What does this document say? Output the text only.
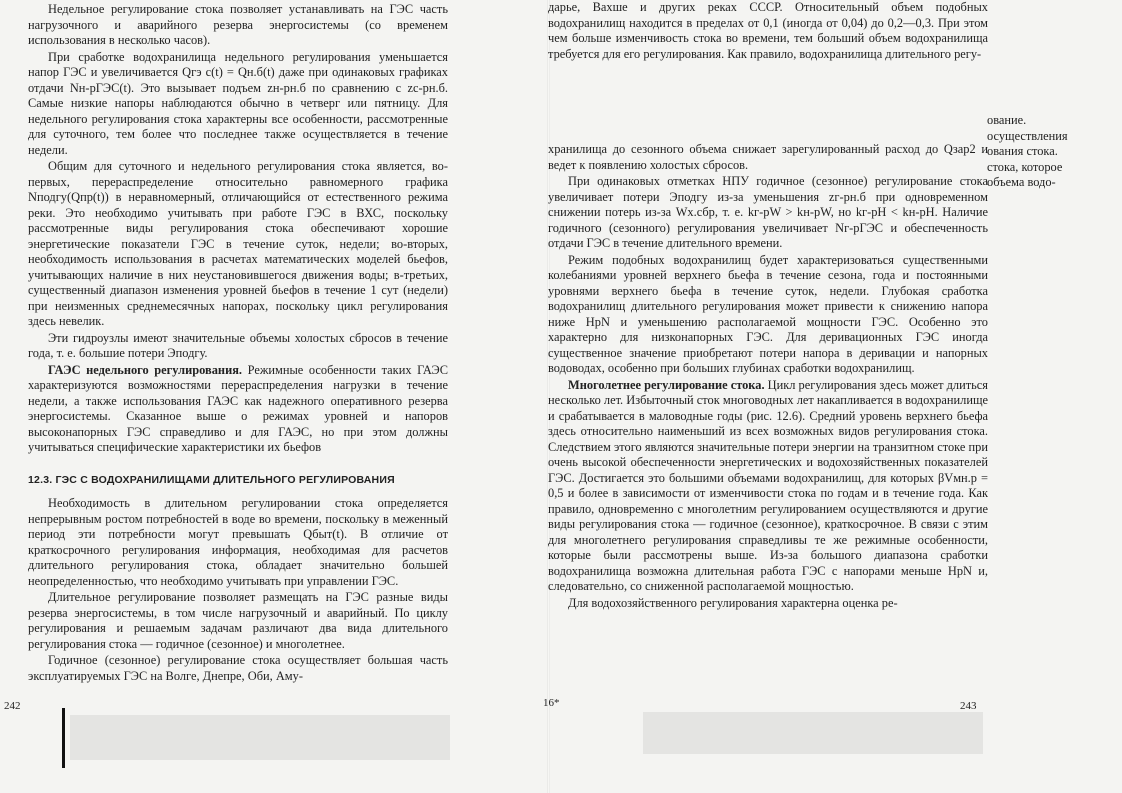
Недельное регулирование стока позволяет устанавливать на ГЭС часть нагрузочного и аварийного резерва энергосистемы (со временем использования в несколько часов).

При сработке водохранилища недельного регулирования уменьшается напор ГЭС и увеличивается Qгэ с(t) = Qн.б(t) даже при одинаковых графиках отдачи Nн-рГЭС(t). Это вызывает подъем zн-рн.б по сравнению с zс-рн.б. Самые низкие напоры наблюдаются обычно в четверг или пятницу. Для недельного регулирования стока характерны все особенности, рассмотренные для суточного, тем более что последнее также осуществляется в течение недели.

Общим для суточного и недельного регулирования стока является, во-первых, перераспределение относительно равномерного графика Nподгу(Qпр(t)) в неравномерный, отличающийся от естественного режима реки. Это необходимо учитывать при работе ГЭС в ВХС, поскольку рассмотренные виды регулирования стока обеспечивают хорошие энергетические показатели ГЭС в течение суток, недели; во-вторых, необходимость использования в расчетах математических моделей бьефов, учитывающих наличие в них неустановившегося движения воды; в-третьих, существенный диапазон изменения уровней бьефов в течение 1 сут (недели) при неизменных среднемесячных напорах, поскольку цикл регулирования здесь невелик.

Эти гидроузлы имеют значительные объемы холостых сбросов в течение года, т. е. большие потери Эподгу.

ГАЭС недельного регулирования. Режимные особенности таких ГАЭС характеризуются возможностями перераспределения нагрузки в течение недели, а также использования ГАЭС как надежного оперативного резерва энергосистемы. Сказанное выше о режимах уровней и напоров высоконапорных ГЭС справедливо и для ГАЭС, но при этом должны учитываться специфические характеристики их бьефов

12.3. ГЭС С ВОДОХРАНИЛИЩАМИ ДЛИТЕЛЬНОГО РЕГУЛИРОВАНИЯ

Необходимость в длительном регулировании стока определяется непрерывным ростом потребностей в воде во времени, поскольку в меженный период эти потребности могут превышать Qбыт(t). В отличие от краткосрочного регулирования информация, необходимая для расчетов длительного регулирования стока, обладает значительно большей неопределенностью, что необходимо учитывать при управлении ГЭС.

Длительное регулирование позволяет размещать на ГЭС разные виды резерва энергосистемы, в том числе нагрузочный и аварийный. По циклу регулирования и решаемым задачам различают два вида длительного регулирования стока — годичное (сезонное) и многолетнее.

Годичное (сезонное) регулирование стока осуществляет большая часть эксплуатируемых ГЭС на Волге, Днепре, Оби, Аму-

242

дарье, Вахше и других реках СССР. Относительный объем подобных водохранилищ находится в пределах от 0,1 (иногда от 0,04) до 0,2—0,3. При этом чем больше изменчивость стока во времени, тем больший объем водохранилища требуется для его регулирования. Как правило, водохранилища длительного регу-

хранилища до сезонного объема снижает зарегулированный расход до Qзар2 и ведет к появлению холостых сбросов.

При одинаковых отметках НПУ годичное (сезонное) регулирование стока увеличивает потери Эподгу из-за уменьшения zг-рн.б при одновременном снижении потерь из-за Wх.сбр, т. е. kг-рW > kн-рW, но kг-рH < kн-рH. Наличие годичного (сезонного) регулирования увеличивает Nг-рГЭС и обеспеченность отдачи ГЭС в течение длительного времени.

Режим подобных водохранилищ будет характеризоваться существенными колебаниями уровней верхнего бьефа в течение сезона, года и постоянными уровнями верхнего бьефа в течение суток, недели. Глубокая сработка водохранилищ длительного регулирования может привести к снижению напора ниже HpN и уменьшению располагаемой мощности ГЭС. Особенно это характерно для низконапорных ГЭС. Для деривационных ГЭС иногда существенное значение приобретают потери напора в деривации и напорных водоводах, особенно при больших глубинах сработки водохранилищ.

Многолетнее регулирование стока. Цикл регулирования здесь может длиться несколько лет. Избыточный сток многоводных лет накапливается в водохранилище и срабатывается в маловодные годы (рис. 12.6). Средний уровень верхнего бьефа здесь относительно наименьший из всех возможных видов регулирования стока. Следствием этого являются значительные потери энергии на транзитном стоке при очень высокой обеспеченности энергетических и водохозяйственных показателей ГЭС. Достигается это большими объемами водохранилищ, для которых βVмн.р = 0,5 и более в зависимости от изменчивости стока по годам и в течение года. Как правило, одновременно с многолетним регулированием осуществляются и другие виды регулирования стока — годичное (сезонное), краткосрочное. В связи с этим для многолетнего регулирования справедливы те же режимные особенности, которые были рассмотрены выше. Из-за большого диапазона сработки водохранилища возможна длительная работа ГЭС с напорами меньше HpN и, следовательно, со сниженной располагаемой мощностью.

Для водохозяйственного регулирования характерна оценка ре-

16*	243
ование.
осуществления
ования стока.
стока, которое
объема водо-
